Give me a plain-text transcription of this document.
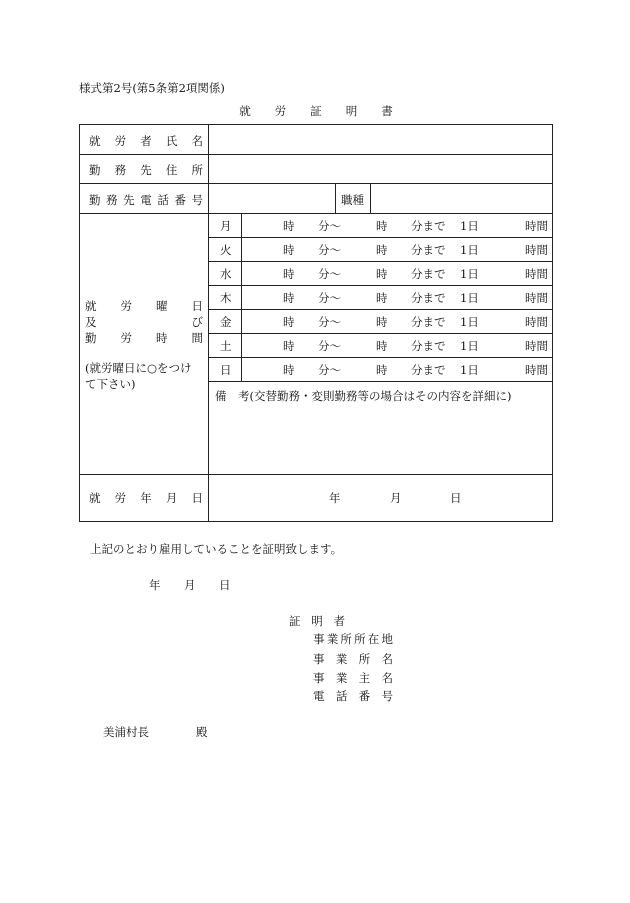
様式第2号(第5条第2項関係)
就労証明書
就 労 者 氏 名
勤 務 先 住 所
勤 務 先 電 話 番 号	職種
就 労 曜 日
及	び
勤 労 時 間
(就労曜日に○をつけて下さい)
月	時 分〜	時 分まで 1日	時間
火	時 分〜	時 分まで 1日	時間
水	時 分〜	時 分まで 1日	時間
木	時 分〜	時 分まで 1日	時間
金	時 分〜	時 分まで 1日	時間
土	時 分〜	時 分まで 1日	時間
日	時 分〜	時 分まで 1日	時間
備　考(交替勤務・変則勤務等の場合はその内容を詳細に)
就 労 年 月 日	年	月	日
上記のとおり雇用していることを証明致します。
年 月 日
証 明 者
事 業 所 所 在 地
事 業 所 名
事 業 主 名
電 話 番 号
美浦村長	殿
